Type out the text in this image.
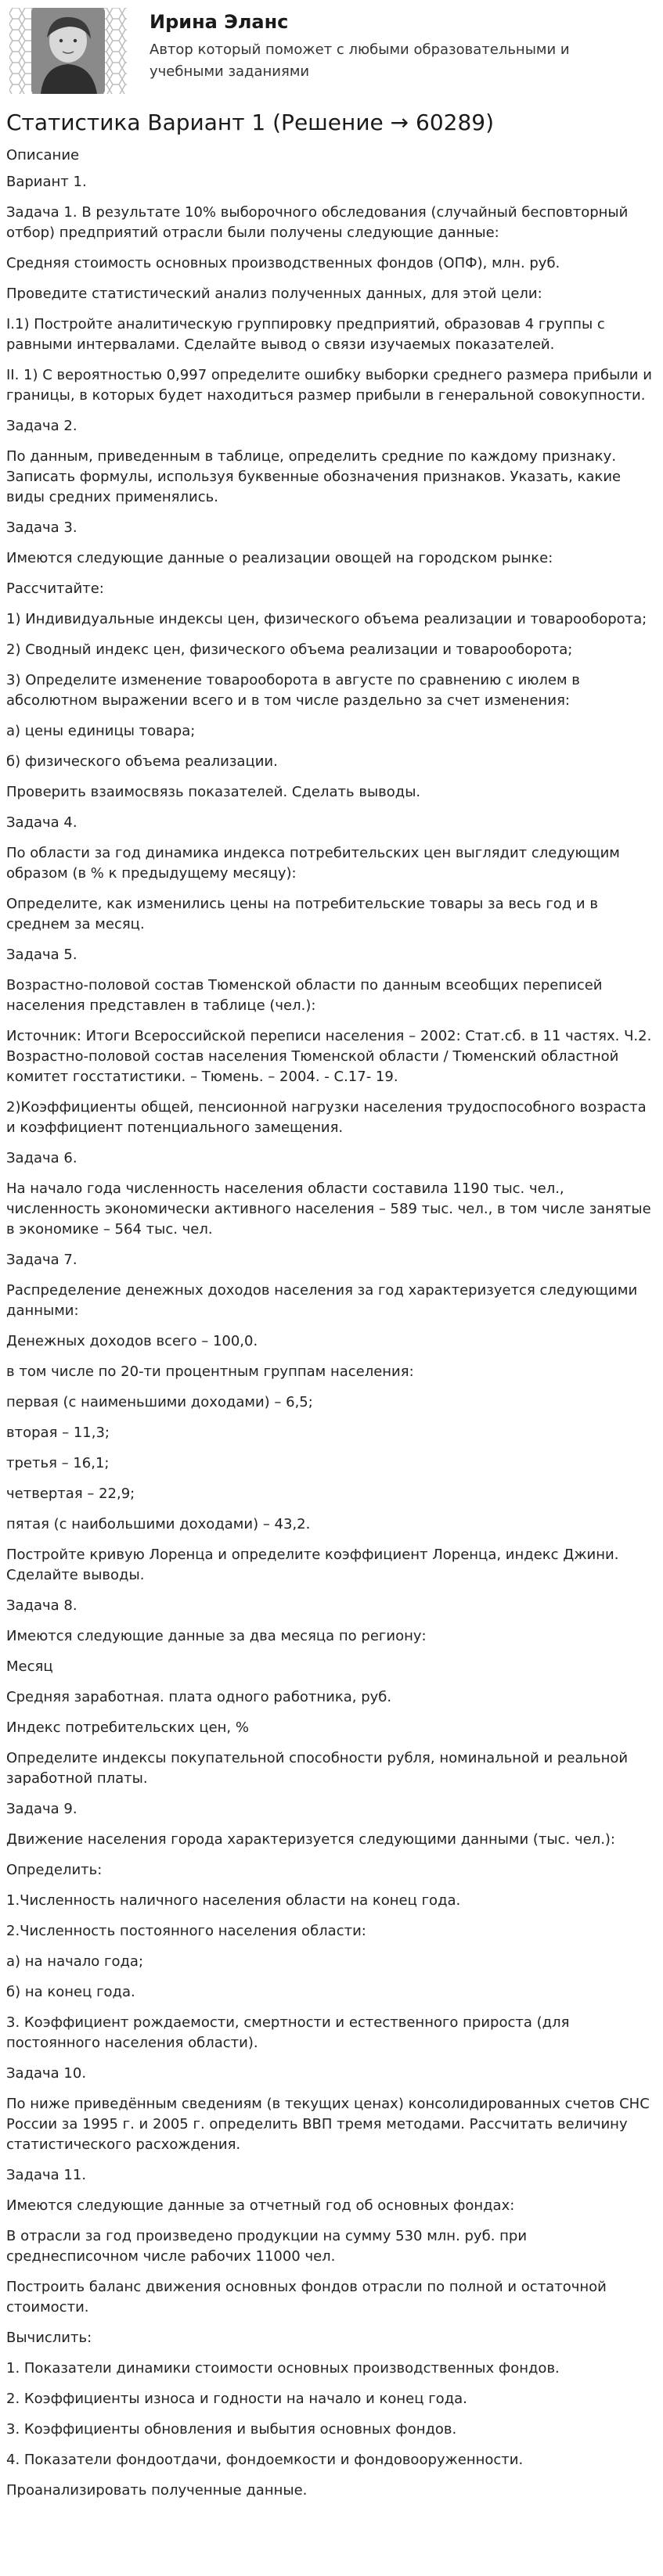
Ирина Эланс
Автор который поможет с любыми образовательными и учебными заданиями
Статистика Вариант 1 (Решение → 60289)

Описание

Вариант 1.

Задача 1. В результате 10% выборочного обследования (случайный бесповторный отбор) предприятий отрасли были получены следующие данные:

Средняя стоимость основных производственных фондов (ОПФ), млн. руб.

Проведите статистический анализ полученных данных, для этой цели:

I.1) Постройте аналитическую группировку предприятий, образовав 4 группы с равными интервалами. Сделайте вывод о связи изучаемых показателей.

II. 1) С вероятностью 0,997 определите ошибку выборки среднего размера прибыли и границы, в которых будет находиться размер прибыли в генеральной совокупности.

Задача 2.

По данным, приведенным в таблице, определить средние по каждому признаку. Записать формулы, используя буквенные обозначения признаков. Указать, какие виды средних применялись.

Задача 3.

Имеются следующие данные о реализации овощей на городском рынке:

Рассчитайте:

1) Индивидуальные индексы цен, физического объема реализации и товарооборота;

2) Сводный индекс цен, физического объема реализации и товарооборота;

3) Определите изменение товарооборота в августе по сравнению с июлем в абсолютном выражении всего и в том числе раздельно за счет изменения:

а) цены единицы товара;

б) физического объема реализации.

Проверить взаимосвязь показателей. Сделать выводы.

Задача 4.

По области за год динамика индекса потребительских цен выглядит следующим образом (в % к предыдущему месяцу):

Определите, как изменились цены на потребительские товары за весь год и в среднем за месяц.

Задача 5.

Возрастно-половой состав Тюменской области по данным всеобщих переписей населения представлен в таблице (чел.):

Источник: Итоги Всероссийской переписи населения – 2002: Стат.сб. в 11 частях. Ч.2. Возрастно-половой состав населения Тюменской области / Тюменский областной комитет госстатистики. – Тюмень. – 2004. - С.17- 19.

2)Коэффициенты общей, пенсионной нагрузки населения трудоспособного возраста и коэффициент потенциального замещения.

Задача 6.

На начало года численность населения области составила 1190 тыс. чел., численность экономически активного населения – 589 тыс. чел., в том числе занятые в экономике – 564 тыс. чел.

Задача 7.

Распределение денежных доходов населения за год характеризуется следующими данными:

Денежных доходов всего – 100,0.

в том числе по 20-ти процентным группам населения:

первая (с наименьшими доходами) – 6,5;

вторая – 11,3;

третья – 16,1;

четвертая – 22,9;

пятая (с наибольшими доходами) – 43,2.

Постройте кривую Лоренца и определите коэффициент Лоренца, индекс Джини. Сделайте выводы.

Задача 8.

Имеются следующие данные за два месяца по региону:

Месяц

Средняя заработная. плата одного работника, руб.

Индекс потребительских цен, %

Определите индексы покупательной способности рубля, номинальной и реальной заработной платы.

Задача 9.

Движение населения города характеризуется следующими данными (тыс. чел.):

Определить:

1.Численность наличного населения области на конец года.

2.Численность постоянного населения области:

а) на начало года;

б) на конец года.

3. Коэффициент рождаемости, смертности и естественного прироста (для постоянного населения области).

Задача 10.

По ниже приведённым сведениям (в текущих ценах) консолидированных счетов СНС России за 1995 г. и 2005 г. определить ВВП тремя методами. Рассчитать величину статистического расхождения.

Задача 11.

Имеются следующие данные за отчетный год об основных фондах:

В отрасли за год произведено продукции на сумму 530 млн. руб. при среднесписочном числе рабочих 11000 чел.

Построить баланс движения основных фондов отрасли по полной и остаточной стоимости.

Вычислить:

1. Показатели динамики стоимости основных производственных фондов.

2. Коэффициенты износа и годности на начало и конец года.

3. Коэффициенты обновления и выбытия основных фондов.

4. Показатели фондоотдачи, фондоемкости и фондовооруженности.

Проанализировать полученные данные.
